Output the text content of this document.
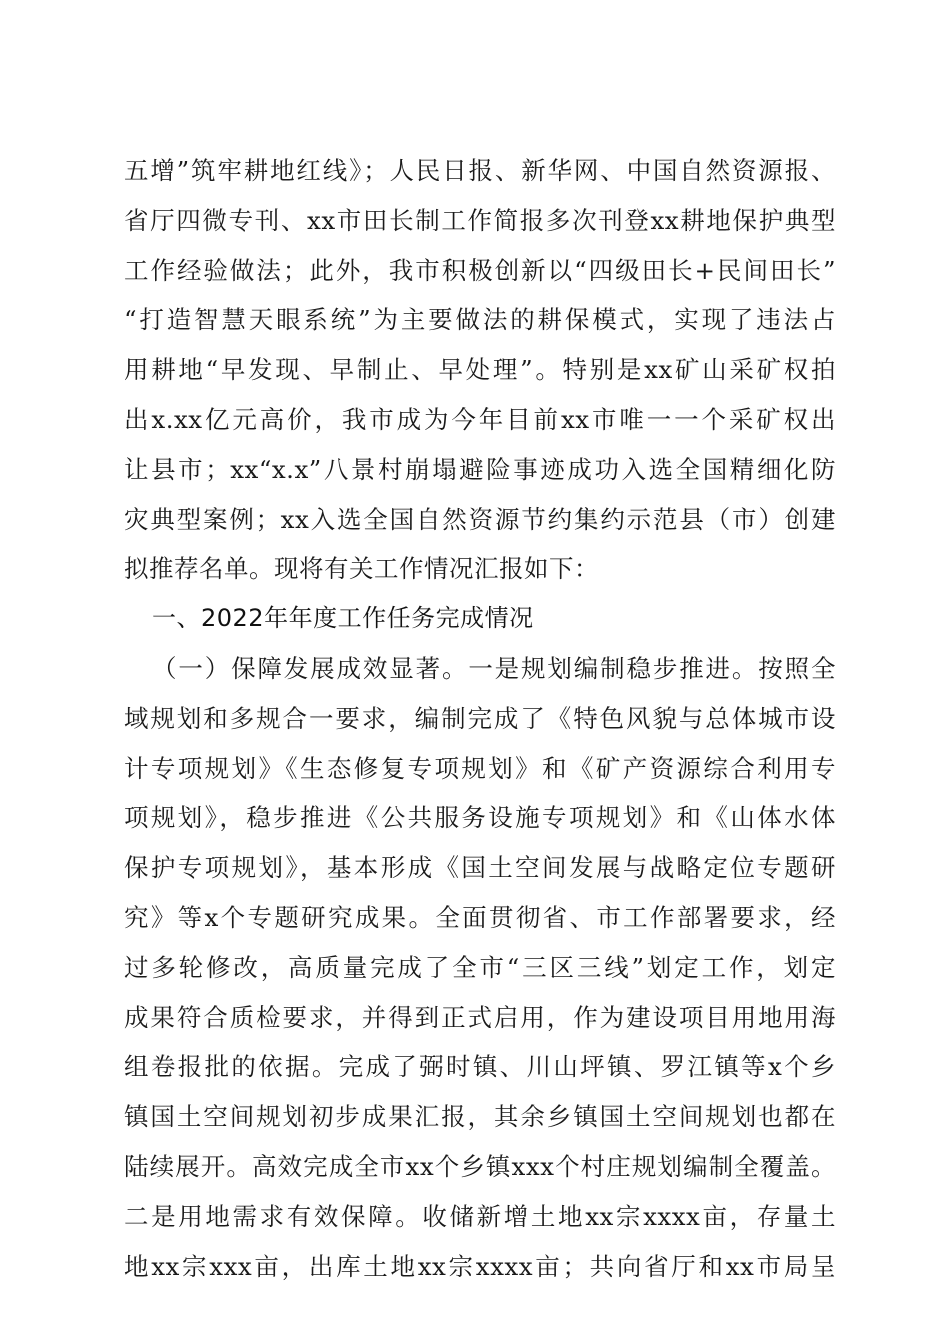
五增”筑牢耕地红线》；人民日报、新华网、中国自然资源报、
省厅四微专刊、xx市田长制工作简报多次刊登xx耕地保护典型
工作经验做法；此外，我市积极创新以“四级田长+民间田长”
“打造智慧天眼系统”为主要做法的耕保模式，实现了违法占
用耕地“早发现、早制止、早处理”。特别是xx矿山采矿权拍
出x.xx亿元高价，我市成为今年目前xx市唯一一个采矿权出
让县市；xx“x.x”八景村崩塌避险事迹成功入选全国精细化防
灾典型案例；xx入选全国自然资源节约集约示范县（市）创建
拟推荐名单。现将有关工作情况汇报如下：
一、2022年年度工作任务完成情况
（一）保障发展成效显著。一是规划编制稳步推进。按照全
域规划和多规合一要求，编制完成了《特色风貌与总体城市设
计专项规划》《生态修复专项规划》和《矿产资源综合利用专
项规划》，稳步推进《公共服务设施专项规划》和《山体水体
保护专项规划》，基本形成《国土空间发展与战略定位专题研
究》等x个专题研究成果。全面贯彻省、市工作部署要求，经
过多轮修改，高质量完成了全市“三区三线”划定工作，划定
成果符合质检要求，并得到正式启用，作为建设项目用地用海
组卷报批的依据。完成了弼时镇、川山坪镇、罗江镇等x个乡
镇国土空间规划初步成果汇报，其余乡镇国土空间规划也都在
陆续展开。高效完成全市xx个乡镇xxx个村庄规划编制全覆盖。
二是用地需求有效保障。收储新增土地xx宗xxxx亩，存量土
地xx宗xxx亩，出库土地xx宗xxxx亩；共向省厅和xx市局呈
